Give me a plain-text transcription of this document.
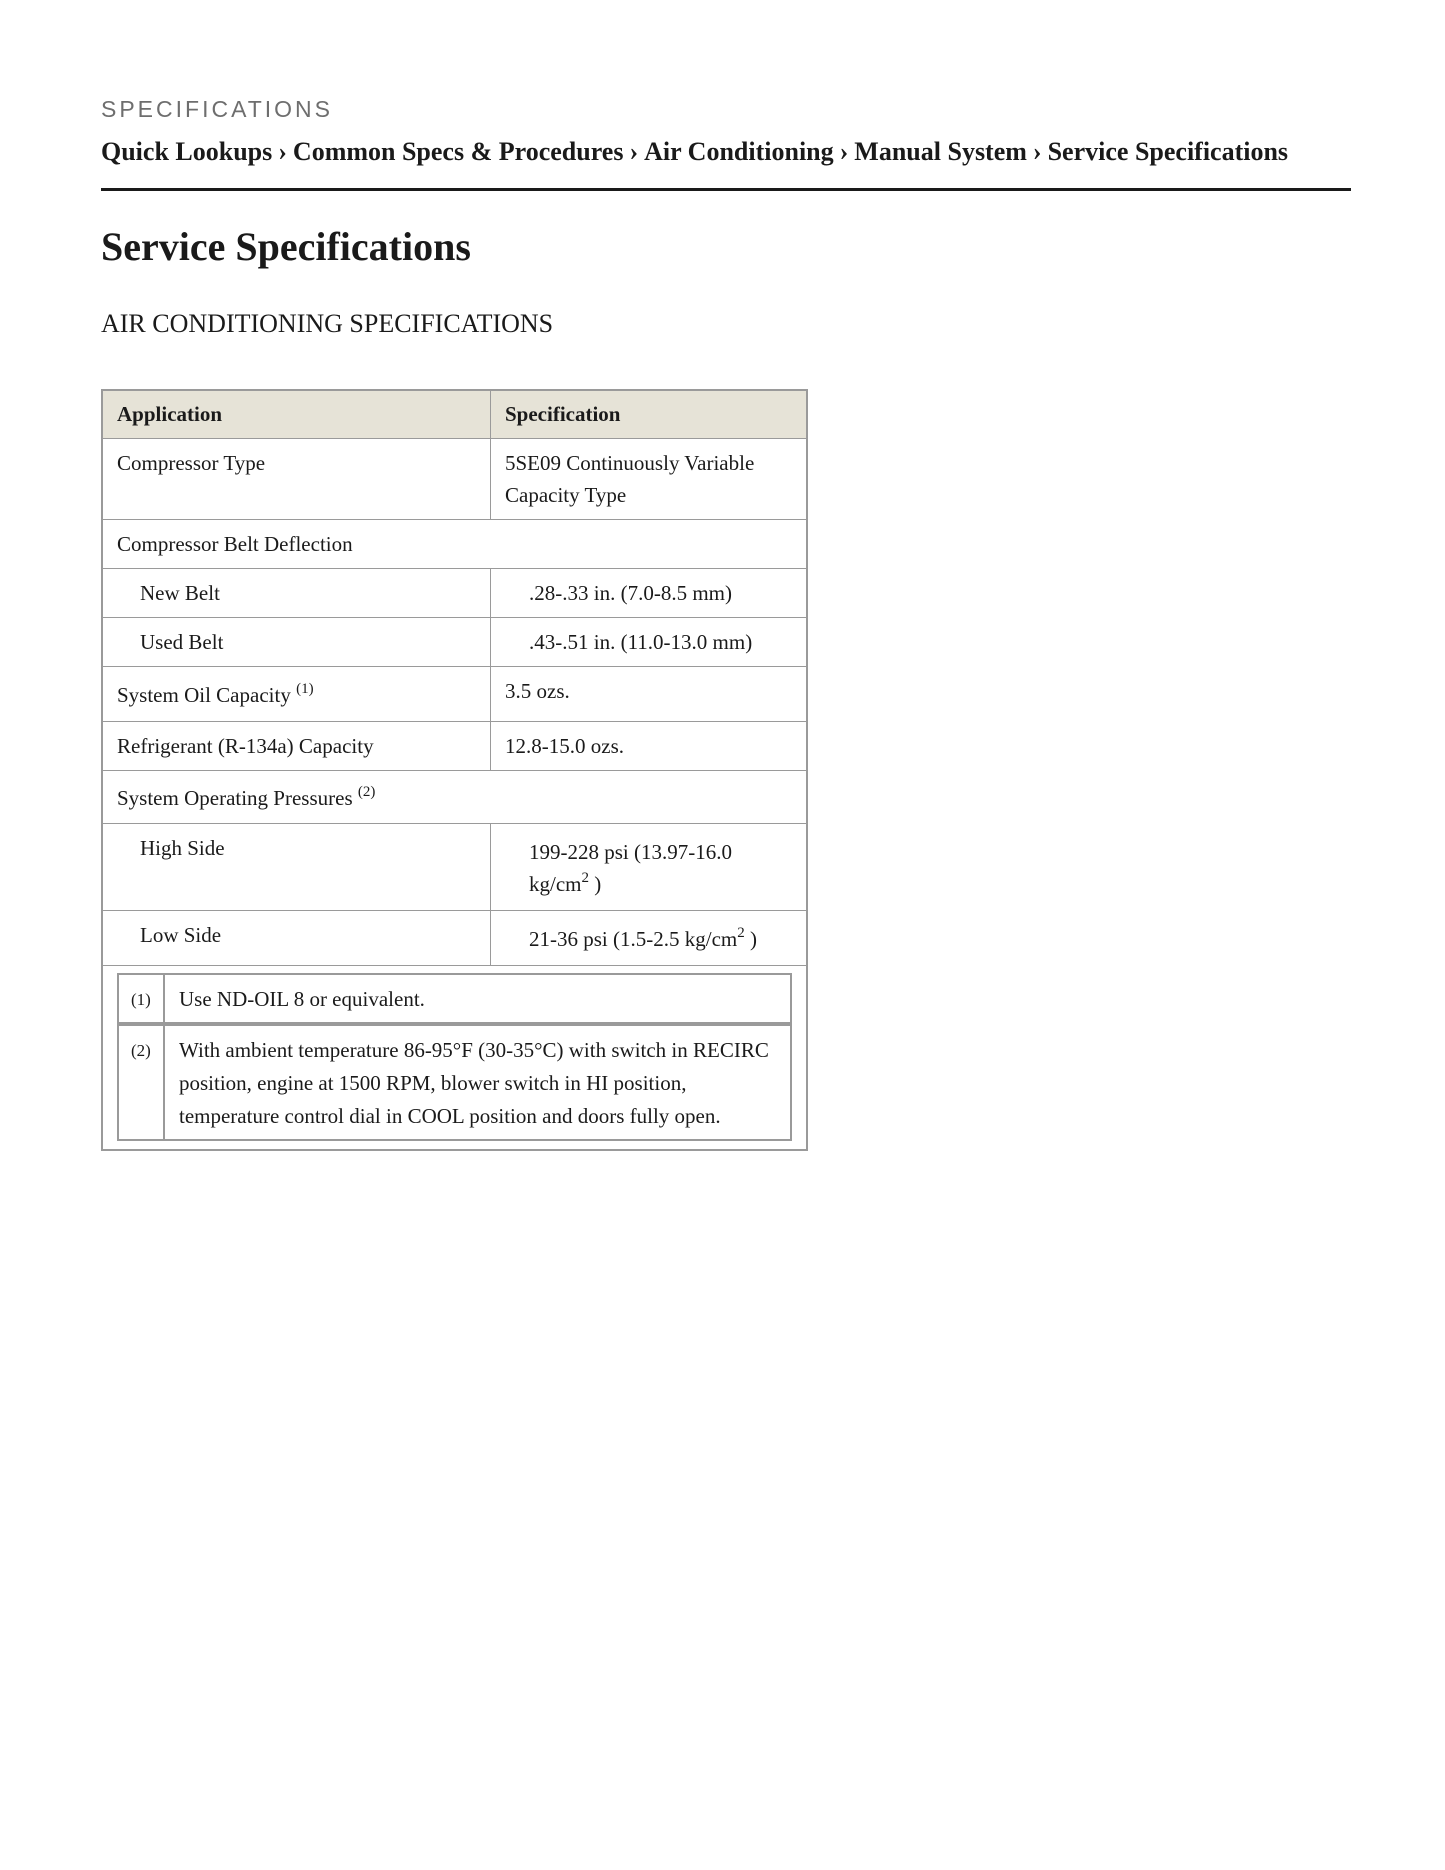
SPECIFICATIONS
Quick Lookups › Common Specs & Procedures › Air Conditioning › Manual System › Service Specifications
Service Specifications
AIR CONDITIONING SPECIFICATIONS
Application	Specification
Compressor Type	5SE09 Continuously Variable Capacity Type
Compressor Belt Deflection
New Belt	.28-.33 in. (7.0-8.5 mm)
Used Belt	.43-.51 in. (11.0-13.0 mm)
System Oil Capacity $^{(1)}$	3.5 ozs.
Refrigerant (R-134a) Capacity	12.8-15.0 ozs.
System Operating Pressures $^{(2)}$
High Side	199-228 psi (13.97-16.0 $kg/cm^2$ )
Low Side	21-36 psi (1.5-2.5 $kg/cm^2$ )

(1)	Use ND-OIL 8 or equivalent.
(2)	With ambient temperature 86-95°F (30-35°C) with switch in RECIRC position, engine at 1500 RPM, blower switch in HI position, temperature control dial in COOL position and doors fully open.
